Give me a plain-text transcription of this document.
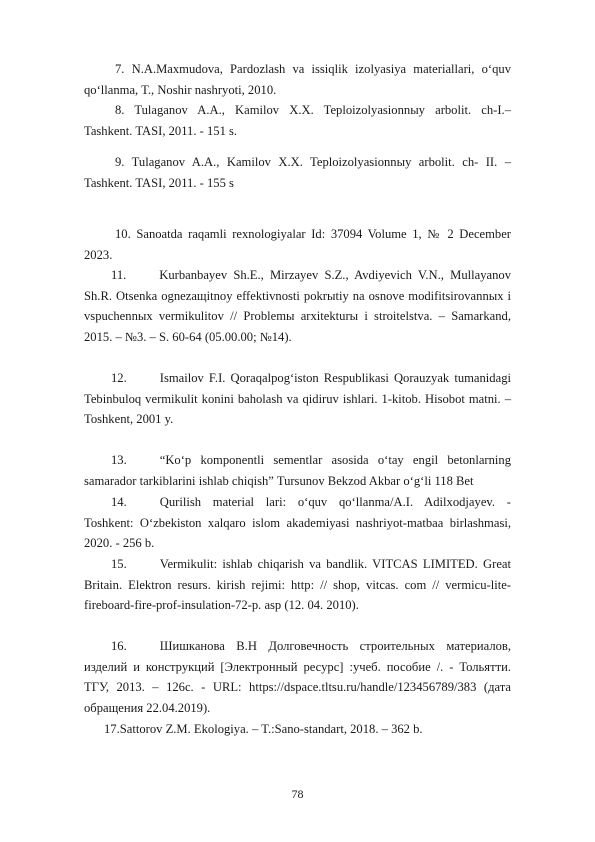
7. N.A.Maxmudova, Pardozlash va issiqlik izolyasiya materiallari, o‘quv qo‘llanma, T., Noshir nashryoti, 2010.

8. Tulaganov A.A., Kamilov X.X. Teploizolyasionnыy arbolit. ch-I.– Tashkent. TASI, 2011. - 151 s.

9. Tulaganov A.A., Kamilov X.X. Teploizolyasionnыy arbolit. ch- II. – Tashkent. TASI, 2011. - 155 s

10. Sanoatda raqamli rexnologiyalar Id: 37094 Volume 1, № 2 December 2023.

11.	Kurbanbayev Sh.E., Mirzayev S.Z., Avdiyevich V.N., Mullayanov Sh.R. Otsenka ognezaщitnoy effektivnosti pokrыtiy na osnove modifitsirovannыx i vspuchennыx vermikulitov // Problemы arxitekturы i stroitelstva. – Samarkand, 2015. – №3. – S. 60-64 (05.00.00; №14).

12.	Ismailov F.I. Qoraqalpog‘iston Respublikasi Qorauzyak tumanidagi Tebinbuloq vermikulit konini baholash va qidiruv ishlari. 1-kitob. Hisobot matni. – Toshkent, 2001 y.

13.	“Ko‘p komponentli sementlar asosida o‘tay engil betonlarning samarador tarkiblarini ishlab chiqish” Tursunov Bekzod Akbar o‘g‘li 118 Bet

14.	Qurilish material lari: o‘quv qo‘llanma/A.I. Adilxodjayev. - Toshkent: O‘zbekiston xalqaro islom akademiyasi nashriyot-matbaa birlashmasi, 2020. - 256 b.

15.	Vermikulit: ishlab chiqarish va bandlik. VITCAS LIMITED. Great Britain. Elektron resurs. kirish rejimi: http: // shop, vitcas. com // vermicu-lite-fireboard-fire-prof-insulation-72-p. asp (12. 04. 2010).

16.	Шишканова В.Н Долговечность строительных материалов, изделий и конструкций [Электронный ресурс] :учеб. пособие /. - Тольятти. ТГУ, 2013. – 126с. - URL: https://dspace.tltsu.ru/handle/123456789/383 (дата обращения 22.04.2019).

17.Sattorov Z.M. Ekologiya. – T.:Sano-standart, 2018. – 362 b.

78
